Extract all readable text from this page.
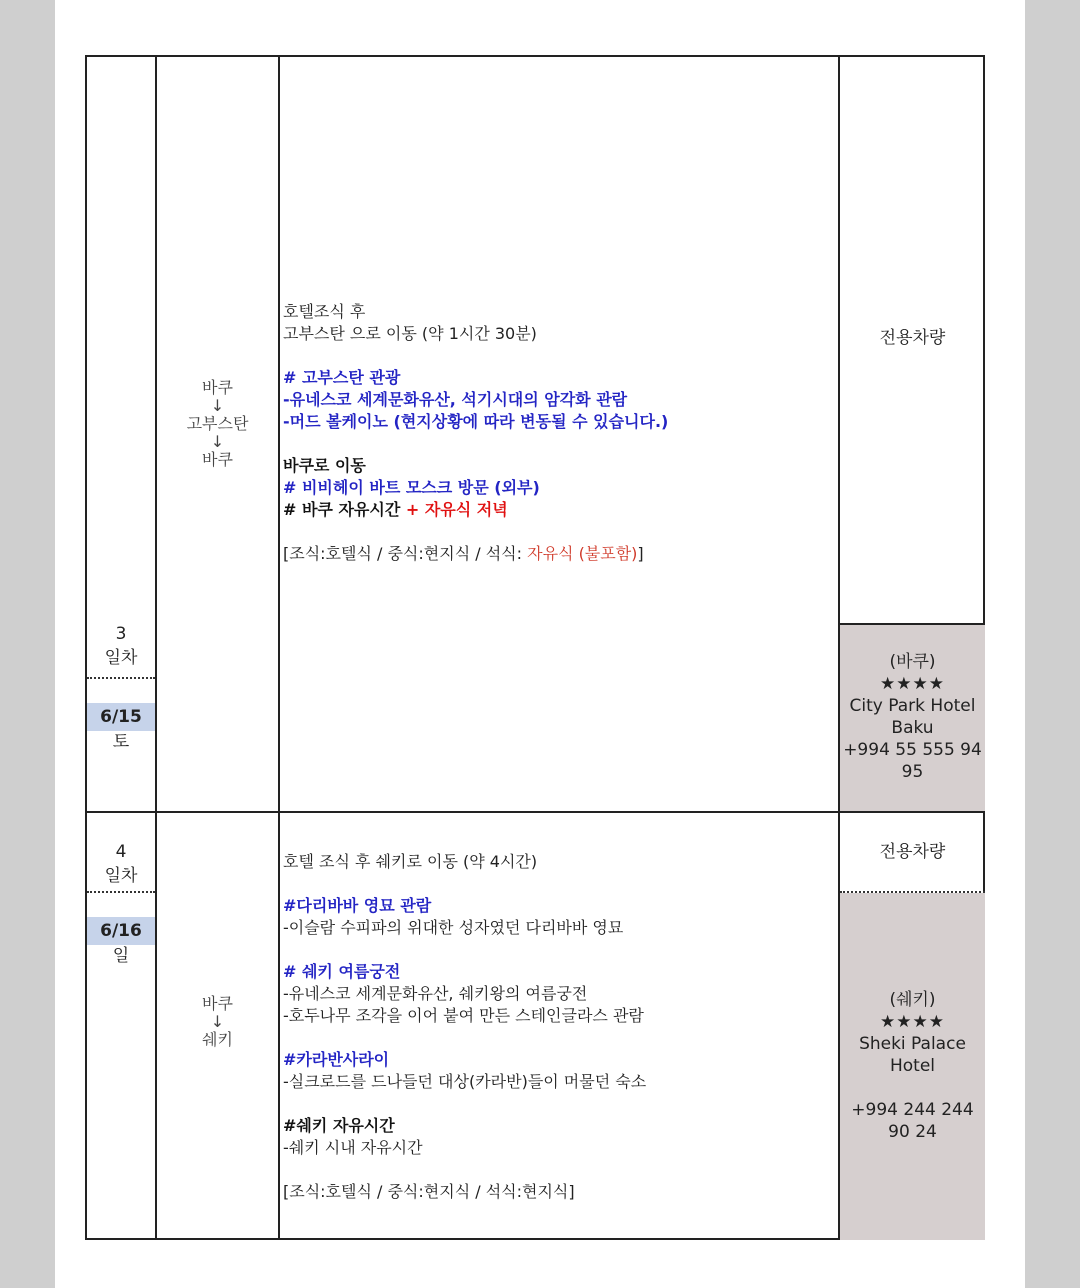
3
일차
6/15
토
바쿠
↓
고부스탄
↓
바쿠
호텔조식 후
고부스탄 으로 이동 (약 1시간 30분)
# 고부스탄 관광
-유네스코 세계문화유산, 석기시대의 암각화 관람
-머드 볼케이노 (현지상황에 따라 변동될 수 있습니다.)
바쿠로 이동
# 비비헤이 바트 모스크 방문 (외부)
# 바쿠 자유시간 + 자유식 저녁
[조식:호텔식 / 중식:현지식 / 석식: 자유식 (불포함)]
전용차량
(바쿠)
★★★★
City Park Hotel
Baku
+994 55 555 94
95
4
일차
6/16
일
바쿠
↓
쉐키
호텔 조식 후 쉐키로 이동 (약 4시간)
#다리바바 영묘 관람
-이슬람 수피파의 위대한 성자였던 다리바바 영묘
# 쉐키 여름궁전
-유네스코 세계문화유산, 쉐키왕의 여름궁전
-호두나무 조각을 이어 붙여 만든 스테인글라스 관람
#카라반사라이
-실크로드를 드나들던 대상(카라반)들이 머물던 숙소
#쉐키 자유시간
-쉐키 시내 자유시간
[조식:호텔식 / 중식:현지식 / 석식:현지식]
전용차량
(쉐키)
★★★★
Sheki Palace
Hotel
+994 244 244
90 24
